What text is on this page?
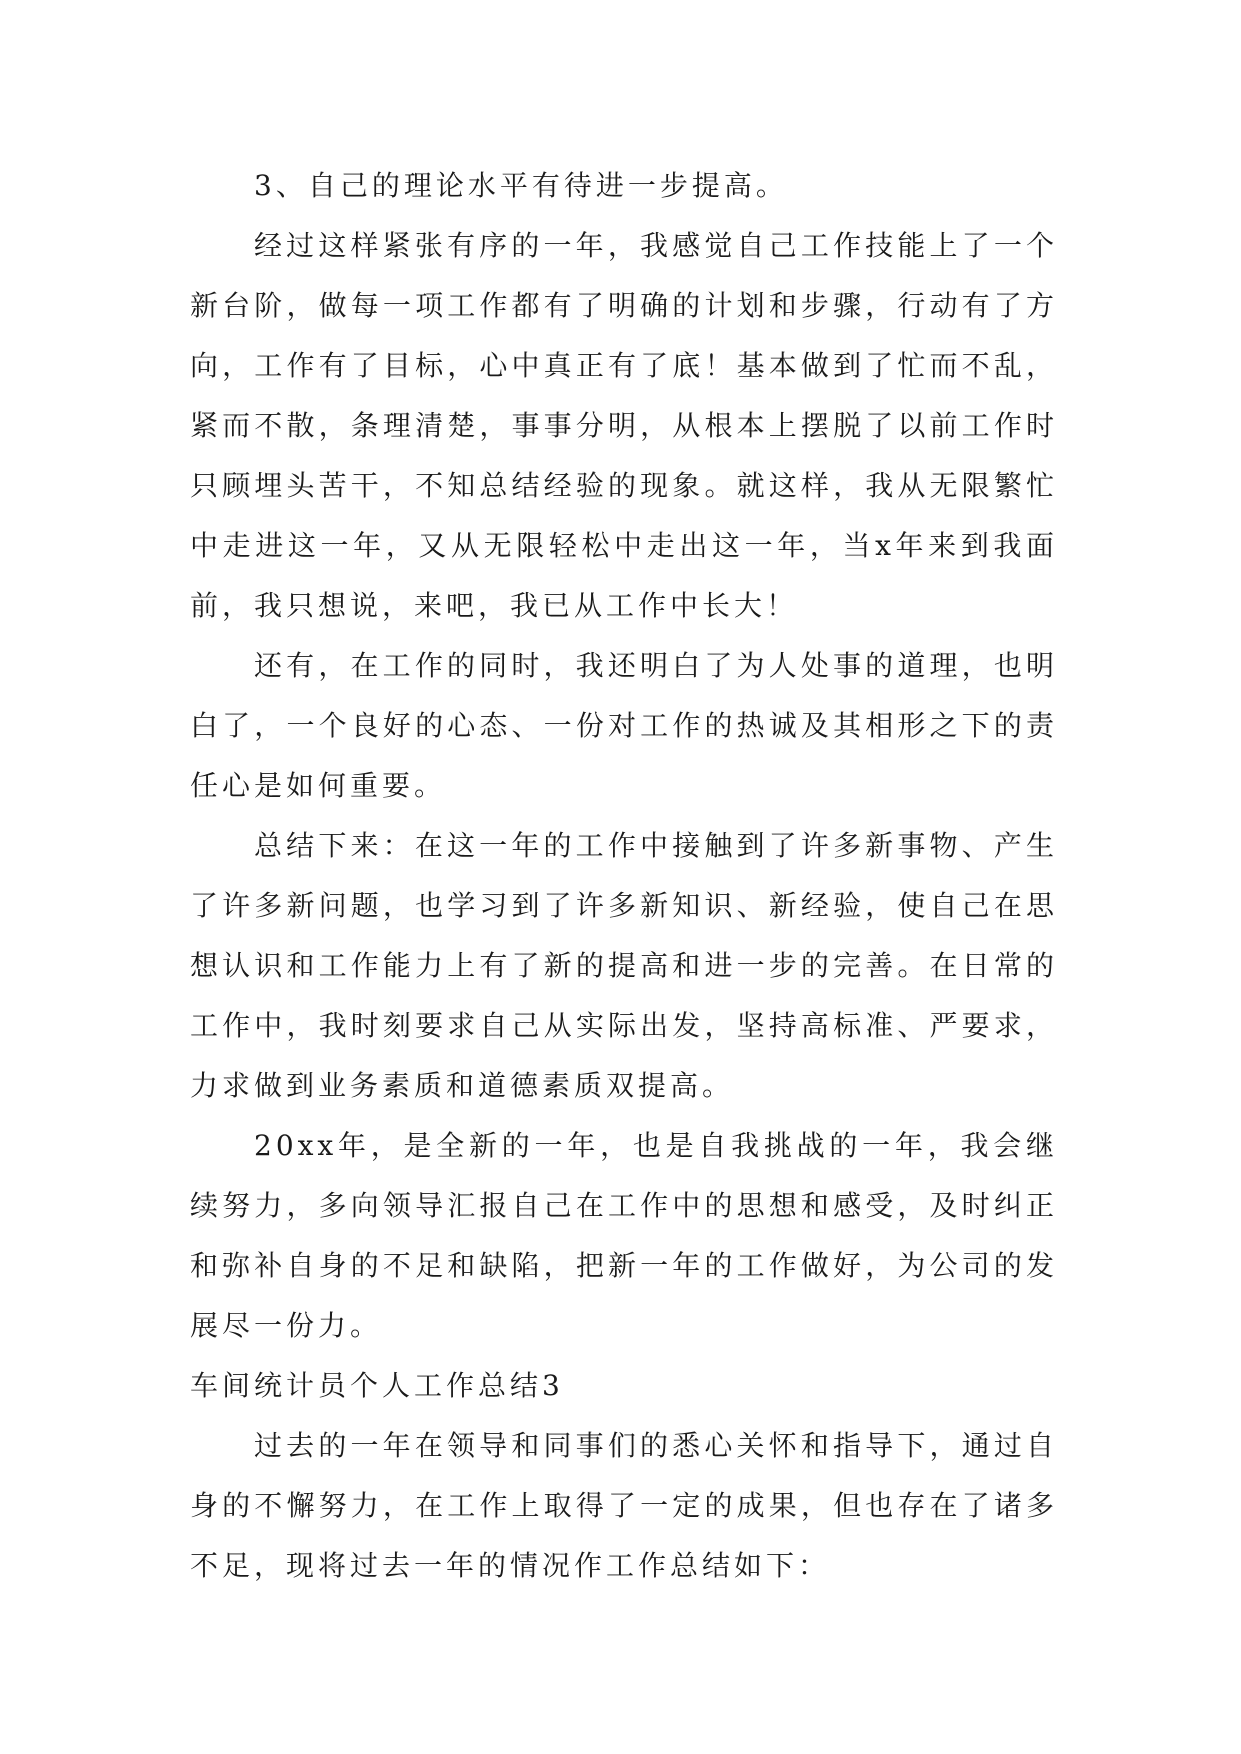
3、自己的理论水平有待进一步提高。

经过这样紧张有序的一年，我感觉自己工作技能上了一个新台阶，做每一项工作都有了明确的计划和步骤，行动有了方向，工作有了目标，心中真正有了底！基本做到了忙而不乱，紧而不散，条理清楚，事事分明，从根本上摆脱了以前工作时只顾埋头苦干，不知总结经验的现象。就这样，我从无限繁忙中走进这一年，又从无限轻松中走出这一年，当x年来到我面前，我只想说，来吧，我已从工作中长大！

还有，在工作的同时，我还明白了为人处事的道理，也明白了，一个良好的心态、一份对工作的热诚及其相形之下的责任心是如何重要。

总结下来：在这一年的工作中接触到了许多新事物、产生了许多新问题，也学习到了许多新知识、新经验，使自己在思想认识和工作能力上有了新的提高和进一步的完善。在日常的工作中，我时刻要求自己从实际出发，坚持高标准、严要求，力求做到业务素质和道德素质双提高。

20xx年，是全新的一年，也是自我挑战的一年，我会继续努力，多向领导汇报自己在工作中的思想和感受，及时纠正和弥补自身的不足和缺陷，把新一年的工作做好，为公司的发展尽一份力。

车间统计员个人工作总结3

过去的一年在领导和同事们的悉心关怀和指导下，通过自身的不懈努力，在工作上取得了一定的成果，但也存在了诸多不足，现将过去一年的情况作工作总结如下：
